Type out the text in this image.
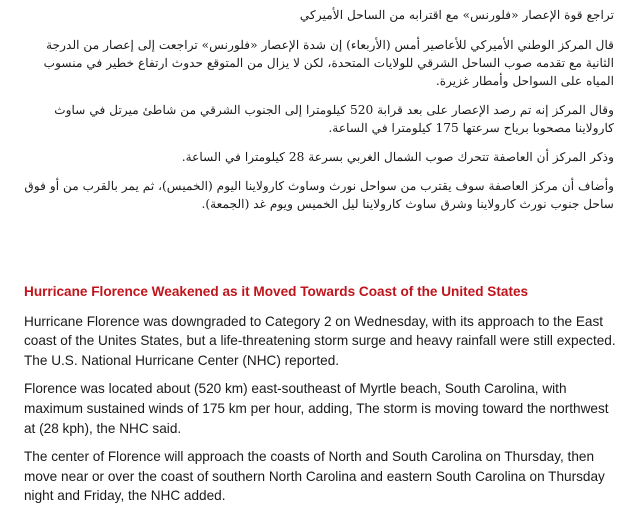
تراجع قوة الإعصار «فلورنس» مع اقترابه من الساحل الأميركي

قال المركز الوطني الأميركي للأعاصير أمس (الأربعاء) إن شدة الإعصار «فلورنس» تراجعت إلى إعصار من الدرجة الثانية مع تقدمه صوب الساحل الشرقي للولايات المتحدة، لكن لا يزال من المتوقع حدوث ارتفاع خطير في منسوب المياه على السواحل وأمطار غزيرة.

وقال المركز إنه تم رصد الإعصار على بعد قرابة 520 كيلومترا إلى الجنوب الشرقي من شاطئ ميرتل في ساوث كارولاينا مصحوبا برياح سرعتها 175 كيلومترا في الساعة.

وذكر المركز أن العاصفة تتحرك صوب الشمال الغربي بسرعة 28 كيلومترا في الساعة.

وأضاف أن مركز العاصفة سوف يقترب من سواحل نورث وساوث كارولاينا اليوم (الخميس)، ثم يمر بالقرب من أو فوق ساحل جنوب نورث كارولاينا وشرق ساوث كارولاينا ليل الخميس ويوم غد (الجمعة).

Hurricane Florence Weakened as it Moved Towards Coast of the United States

Hurricane Florence was downgraded to Category 2 on Wednesday, with its approach to the East coast of the Unites States, but a life-threatening storm surge and heavy rainfall were still expected. The U.S. National Hurricane Center (NHC) reported.

Florence was located about (520 km) east-southeast of Myrtle beach, South Carolina, with maximum sustained winds of 175 km per hour, adding, The storm is moving toward the northwest at (28 kph), the NHC said.

The center of Florence will approach the coasts of North and South Carolina on Thursday, then move near or over the coast of southern North Carolina and eastern South Carolina on Thursday night and Friday, the NHC added.
